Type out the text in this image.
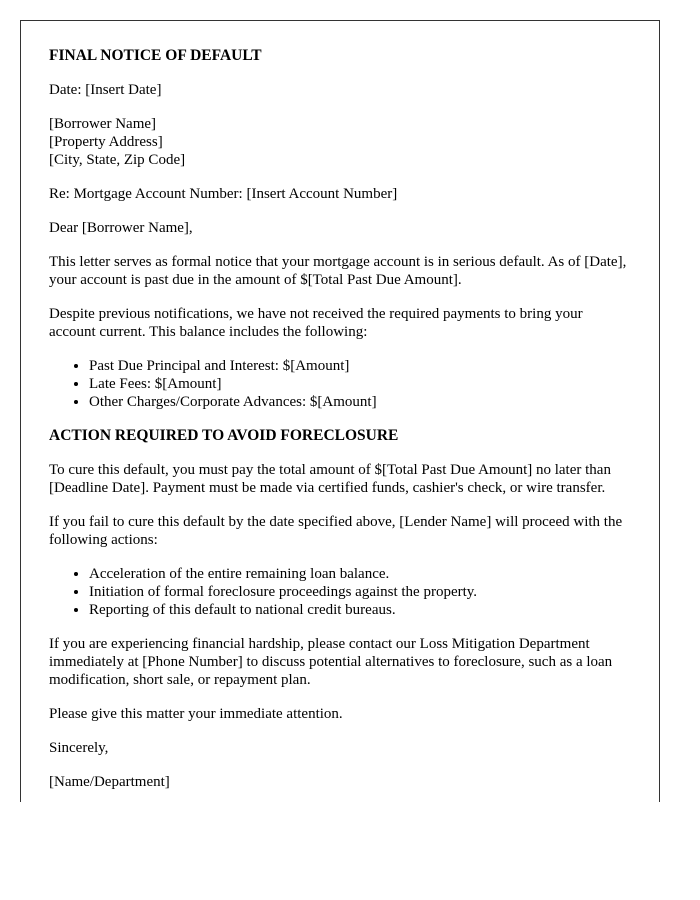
FINAL NOTICE OF DEFAULT

Date: [Insert Date]

[Borrower Name]
[Property Address]
[City, State, Zip Code]

Re: Mortgage Account Number: [Insert Account Number]

Dear [Borrower Name],

This letter serves as formal notice that your mortgage account is in serious default. As of [Date], your account is past due in the amount of $[Total Past Due Amount].

Despite previous notifications, we have not received the required payments to bring your account current. This balance includes the following:

• Past Due Principal and Interest: $[Amount]
• Late Fees: $[Amount]
• Other Charges/Corporate Advances: $[Amount]
ACTION REQUIRED TO AVOID FORECLOSURE

To cure this default, you must pay the total amount of $[Total Past Due Amount] no later than [Deadline Date]. Payment must be made via certified funds, cashier's check, or wire transfer.

If you fail to cure this default by the date specified above, [Lender Name] will proceed with the following actions:

• Acceleration of the entire remaining loan balance.
• Initiation of formal foreclosure proceedings against the property.
• Reporting of this default to national credit bureaus.

If you are experiencing financial hardship, please contact our Loss Mitigation Department immediately at [Phone Number] to discuss potential alternatives to foreclosure, such as a loan modification, short sale, or repayment plan.

Please give this matter your immediate attention.

Sincerely,

[Name/Department]
